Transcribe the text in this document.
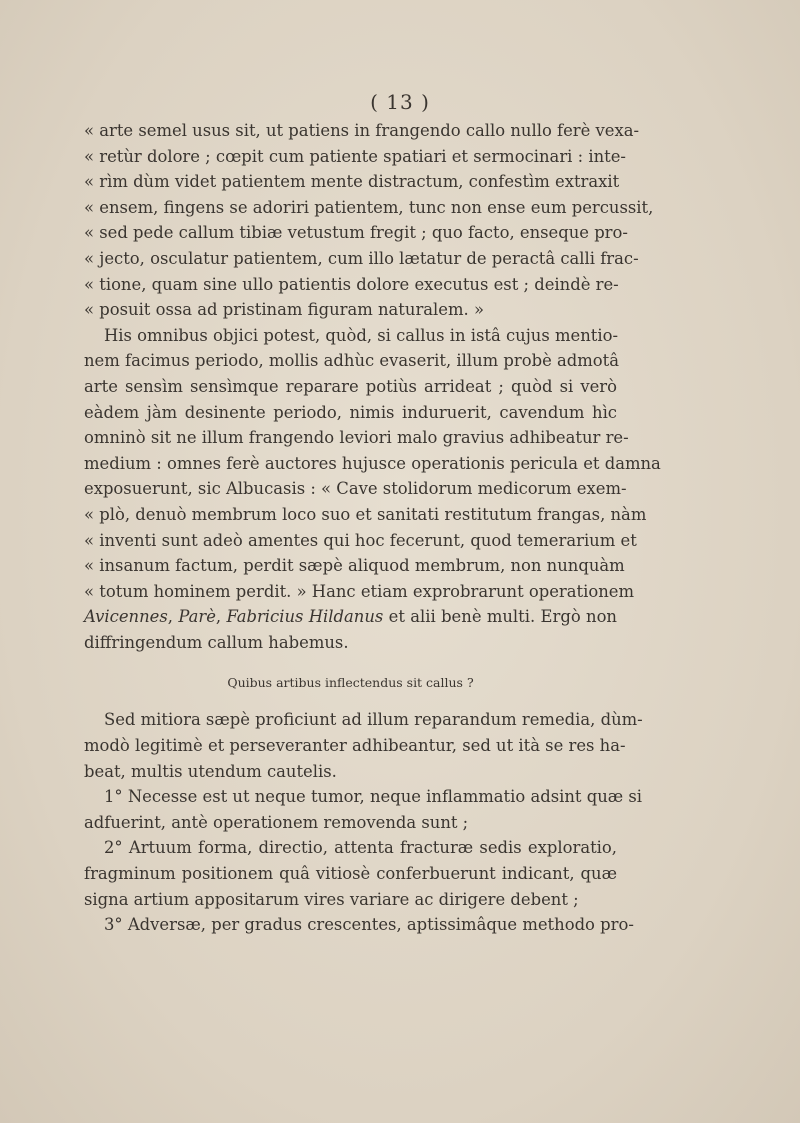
( 13 )
« arte semel usus sit, ut patiens in frangendo callo nullo ferè vexa-
« retùr dolore ; cœpit cum patiente spatiari et sermocinari : inte-
« rìm dùm videt patientem mente distractum, confestìm extraxit
« ensem, fingens se adoriri patientem, tunc non ense eum percussit,
« sed pede callum tibiæ vetustum fregit ; quo facto, enseque pro-
« jecto, osculatur patientem, cum illo lætatur de peractâ calli frac-
« tione, quam sine ullo patientis dolore executus est ; deindè re-
« posuit ossa ad pristinam figuram naturalem. »
His omnibus objici potest, quòd, si callus in istâ cujus mentio-
nem facimus periodo, mollis adhùc evaserit, illum probè admotâ
arte sensìm sensìmque reparare potiùs arrideat ; quòd si verò
eàdem jàm desinente periodo, nimis induruerit, cavendum hìc
omninò sit ne illum frangendo leviori malo gravius adhibeatur re-
medium : omnes ferè auctores hujusce operationis pericula et damna
exposuerunt, sic Albucasis : « Cave stolidorum medicorum exem-
« plò, denuò membrum loco suo et sanitati restitutum frangas, nàm
« inventi sunt adeò amentes qui hoc fecerunt, quod temerarium et
« insanum factum, perdit sæpè aliquod membrum, non nunquàm
« totum hominem perdit. » Hanc etiam exprobrarunt operationem
Avicennes, Parè, Fabricius Hildanus et alii benè multi. Ergò non
diffringendum callum habemus.
Quibus artibus inflectendus sit callus ?
Sed mitiora sæpè proficiunt ad illum reparandum remedia, dùm-
modò legitimè et perseveranter adhibeantur, sed ut ità se res ha-
beat, multis utendum cautelis.
1° Necesse est ut neque tumor, neque inflammatio adsint quæ si
adfuerint, antè operationem removenda sunt ;
2° Artuum forma, directio, attenta fracturæ sedis exploratio,
fragminum positionem quâ vitiosè conferbuerunt indicant, quæ
signa artium appositarum vires variare ac dirigere debent ;
3° Adversæ, per gradus crescentes, aptissimâque methodo pro-
